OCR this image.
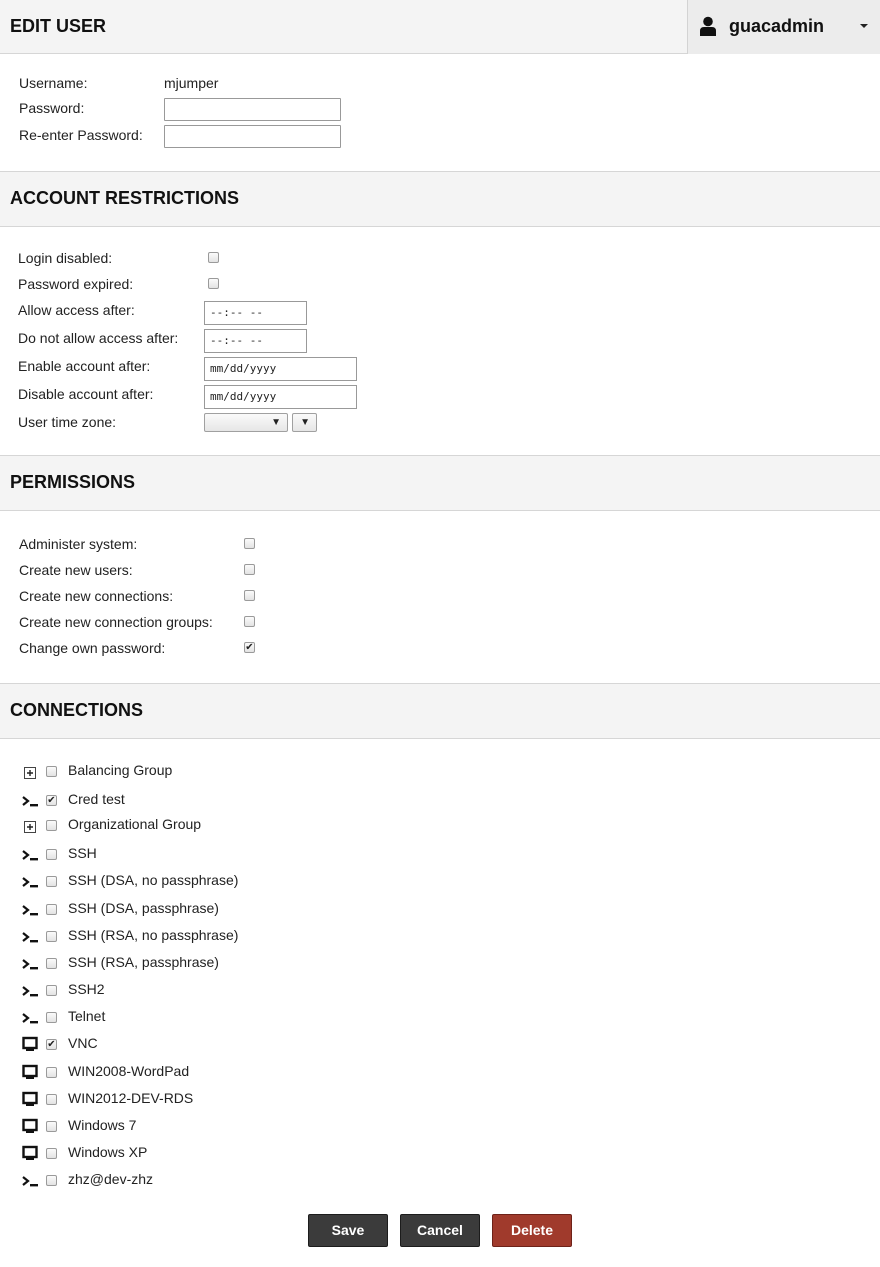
EDIT USER	guacadmin
Username:	mjumper
Password:
Re-enter Password:
ACCOUNT RESTRICTIONS
Login disabled:
Password expired:
Allow access after:	--:-- --
Do not allow access after:	--:-- --
Enable account after:	mm/dd/yyyy
Disable account after:	mm/dd/yyyy
User time zone:	▼ ▼
PERMISSIONS
Administer system:
Create new users:
Create new connections:
Create new connection groups:
Change own password:	✔
CONNECTIONS
Balancing Group
✔ Cred test
Organizational Group
SSH
SSH (DSA, no passphrase)
SSH (DSA, passphrase)
SSH (RSA, no passphrase)
SSH (RSA, passphrase)
SSH2
Telnet
✔ VNC
WIN2008-WordPad
WIN2012-DEV-RDS
Windows 7
Windows XP
zhz@dev-zhz
Save	Cancel	Delete
